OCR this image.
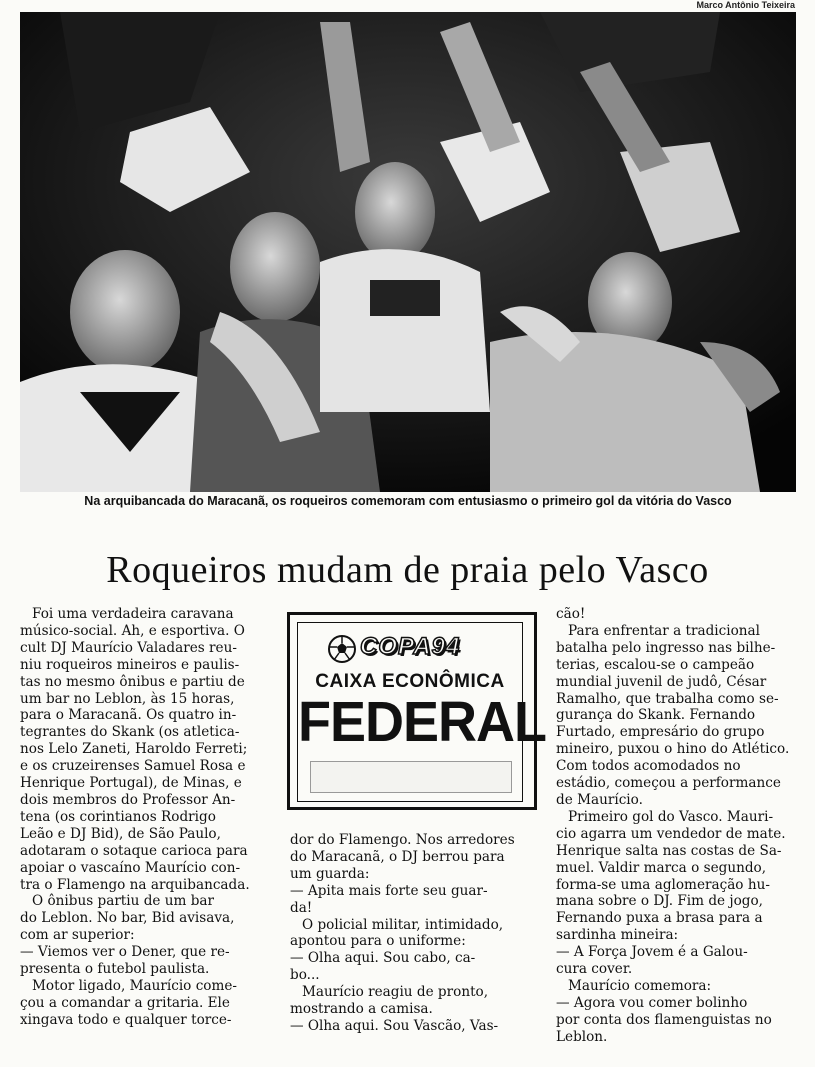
Marco Antônio Teixeira
Na arquibancada do Maracanã, os roqueiros comemoram com entusiasmo o primeiro gol da vitória do Vasco
Roqueiros mudam de praia pelo Vasco
Foi uma verdadeira caravana
músico-social. Ah, e esportiva. O
cult DJ Maurício Valadares reu-
niu roqueiros mineiros e paulis-
tas no mesmo ônibus e partiu de
um bar no Leblon, às 15 horas,
para o Maracanã. Os quatro in-
tegrantes do Skank (os atletica-
nos Lelo Zaneti, Haroldo Ferreti;
e os cruzeirenses Samuel Rosa e
Henrique Portugal), de Minas, e
dois membros do Professor An-
tena (os corintianos Rodrigo
Leão e DJ Bid), de São Paulo,
adotaram o sotaque carioca para
apoiar o vascaíno Maurício con-
tra o Flamengo na arquibancada.
O ônibus partiu de um bar
do Leblon. No bar, Bid avisava,
com ar superior:
— Viemos ver o Dener, que re-
presenta o futebol paulista.
Motor ligado, Maurício come-
çou a comandar a gritaria. Ele
xingava todo e qualquer torce-
COPA94
CAIXA ECONÔMICA
FEDERAL
dor do Flamengo. Nos arredores
do Maracanã, o DJ berrou para
um guarda:
— Apita mais forte seu guar-
da!
O policial militar, intimidado,
apontou para o uniforme:
— Olha aqui. Sou cabo, ca-
bo...
Maurício reagiu de pronto,
mostrando a camisa.
— Olha aqui. Sou Vascão, Vas-
cão!
Para enfrentar a tradicional
batalha pelo ingresso nas bilhe-
terias, escalou-se o campeão
mundial juvenil de judô, César
Ramalho, que trabalha como se-
gurança do Skank. Fernando
Furtado, empresário do grupo
mineiro, puxou o hino do Atlético.
Com todos acomodados no
estádio, começou a performance
de Maurício.
Primeiro gol do Vasco. Mauri-
cio agarra um vendedor de mate.
Henrique salta nas costas de Sa-
muel. Valdir marca o segundo,
forma-se uma aglomeração hu-
mana sobre o DJ. Fim de jogo,
Fernando puxa a brasa para a
sardinha mineira:
— A Força Jovem é a Galou-
cura cover.
Maurício comemora:
— Agora vou comer bolinho
por conta dos flamenguistas no
Leblon.
